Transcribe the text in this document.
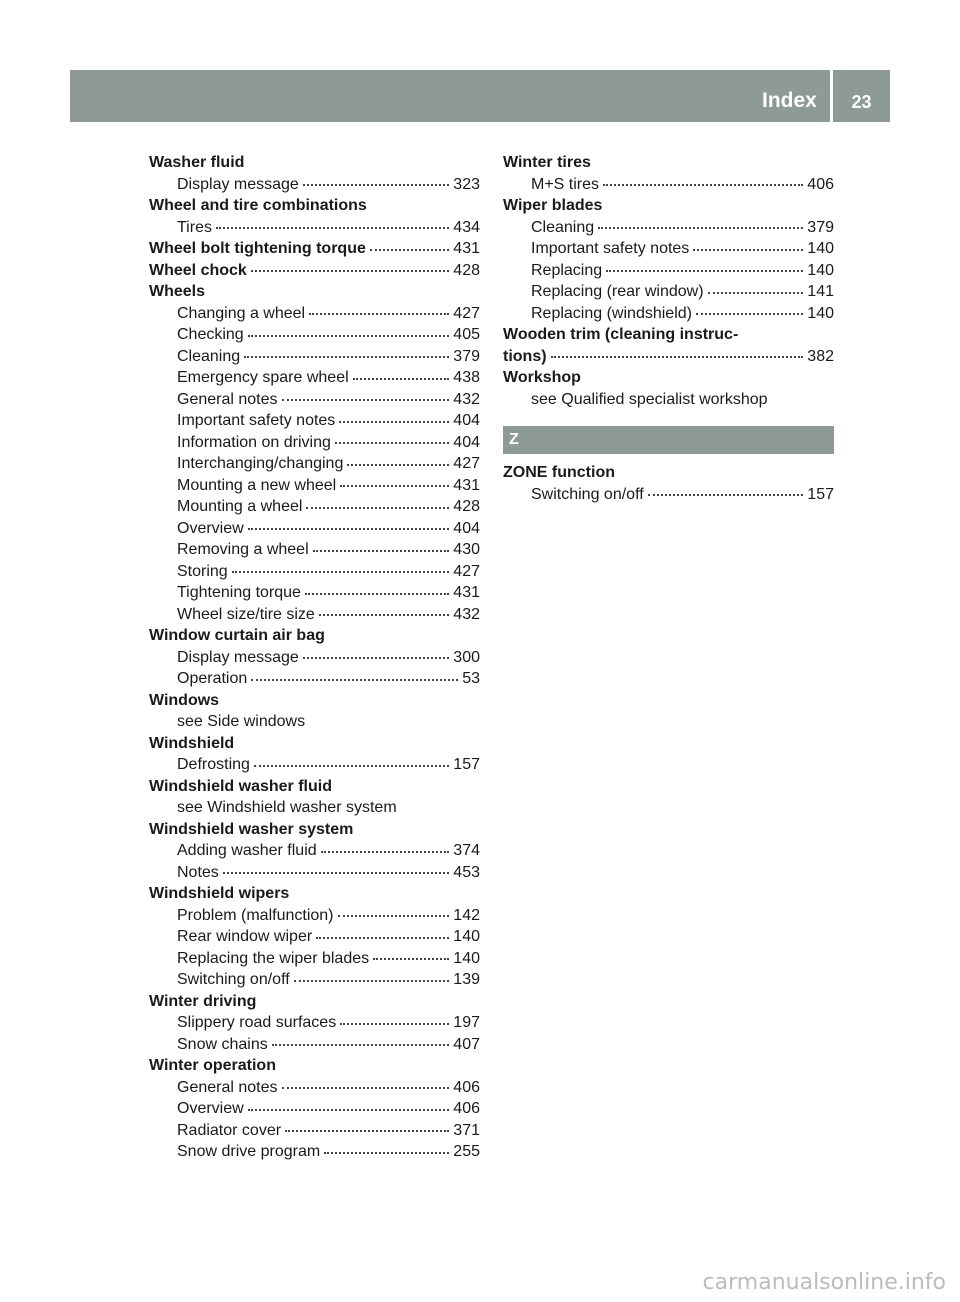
Index	23
Washer fluid
Display message	323
Wheel and tire combinations
Tires	434
Wheel bolt tightening torque	431
Wheel chock	428
Wheels
Changing a wheel	427
Checking	405
Cleaning	379
Emergency spare wheel	438
General notes	432
Important safety notes	404
Information on driving	404
Interchanging/changing	427
Mounting a new wheel	431
Mounting a wheel	428
Overview	404
Removing a wheel	430
Storing	427
Tightening torque	431
Wheel size/tire size	432
Window curtain air bag
Display message	300
Operation	53
Windows
see Side windows
Windshield
Defrosting	157
Windshield washer fluid
see Windshield washer system
Windshield washer system
Adding washer fluid	374
Notes	453
Windshield wipers
Problem (malfunction)	142
Rear window wiper	140
Replacing the wiper blades	140
Switching on/off	139
Winter driving
Slippery road surfaces	197
Snow chains	407
Winter operation
General notes	406
Overview	406
Radiator cover	371
Snow drive program	255
Winter tires
M+S tires	406
Wiper blades
Cleaning	379
Important safety notes	140
Replacing	140
Replacing (rear window)	141
Replacing (windshield)	140
Wooden trim (cleaning instruc-
tions)	382
Workshop
see Qualified specialist workshop
Z
ZONE function
Switching on/off	157
carmanualsonline.info
